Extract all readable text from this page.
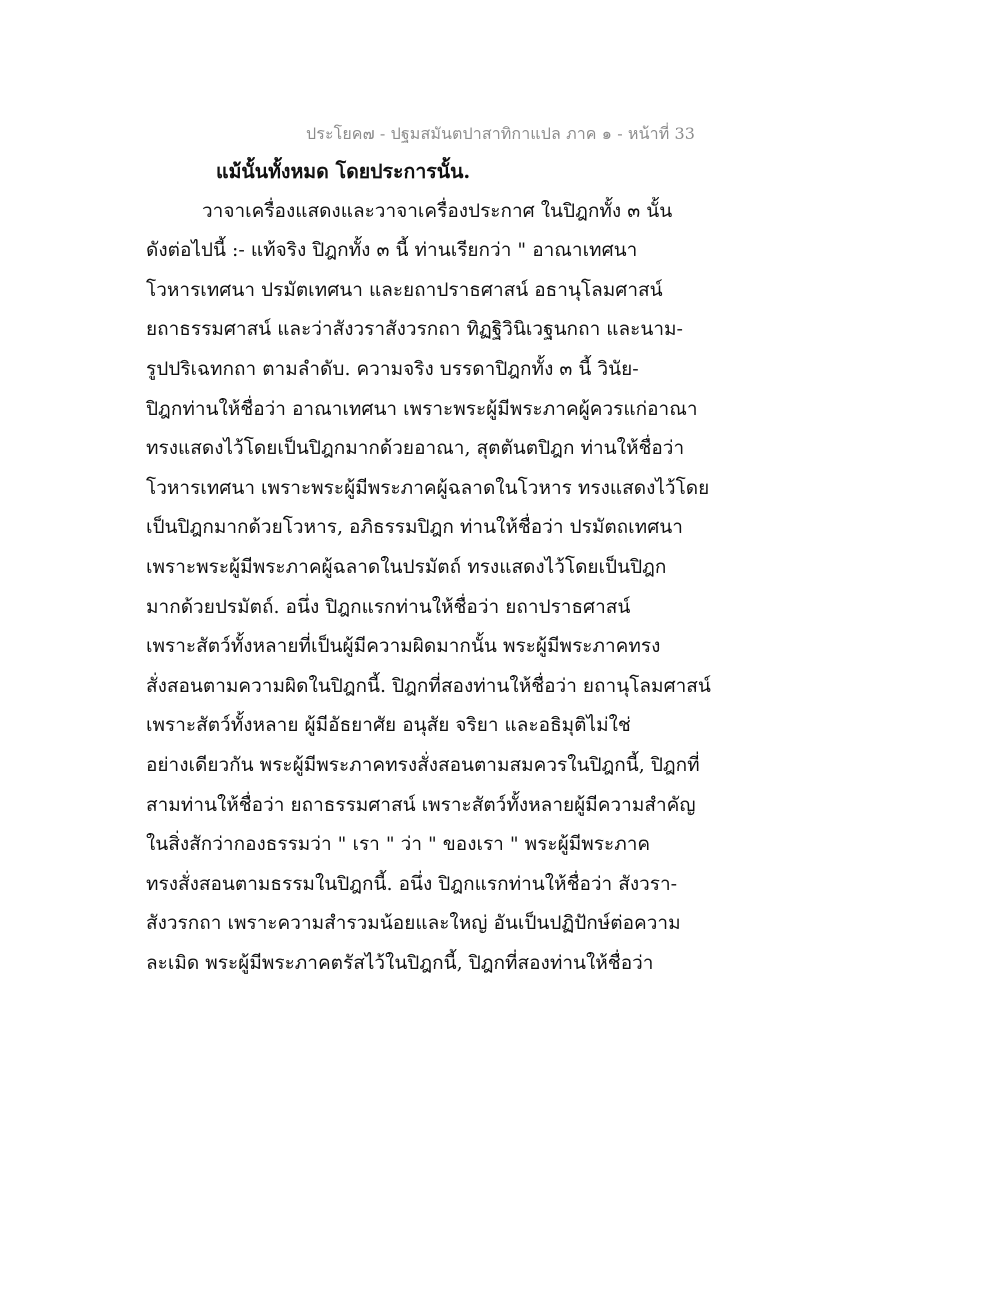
ประโยค๗ - ปฐมสมันตปาสาทิกาแปล ภาค ๑ - หน้าที่ 33
แม้นั้นทั้งหมด โดยประการนั้น.
วาจาเครื่องแสดงและวาจาเครื่องประกาศ ในปิฎกทั้ง ๓ นั้น
ดังต่อไปนี้ :- แท้จริง ปิฎกทั้ง ๓ นี้ ท่านเรียกว่า " อาณาเทศนา
โวหารเทศนา ปรมัตเทศนา และยถาปราธศาสน์ อธานุโลมศาสน์
ยถาธรรมศาสน์ และว่าสังวราสังวรกถา ทิฏฐิวินิเวฐนกถา และนาม-
รูปปริเฉทกถา ตามลำดับ. ความจริง บรรดาปิฎกทั้ง ๓ นี้ วินัย-
ปิฎกท่านให้ชื่อว่า อาณาเทศนา เพราะพระผู้มีพระภาคผู้ควรแก่อาณา
ทรงแสดงไว้โดยเป็นปิฎกมากด้วยอาณา, สุตตันตปิฎก ท่านให้ชื่อว่า
โวหารเทศนา เพราะพระผู้มีพระภาคผู้ฉลาดในโวหาร ทรงแสดงไว้โดย
เป็นปิฎกมากด้วยโวหาร, อภิธรรมปิฎก ท่านให้ชื่อว่า ปรมัตถเทศนา
เพราะพระผู้มีพระภาคผู้ฉลาดในปรมัตถ์ ทรงแสดงไว้โดยเป็นปิฎก
มากด้วยปรมัตถ์. อนึ่ง ปิฎกแรกท่านให้ชื่อว่า ยถาปราธศาสน์
เพราะสัตว์ทั้งหลายที่เป็นผู้มีความผิดมากนั้น พระผู้มีพระภาคทรง
สั่งสอนตามความผิดในปิฎกนี้. ปิฎกที่สองท่านให้ชื่อว่า ยถานุโลมศาสน์
เพราะสัตว์ทั้งหลาย ผู้มีอัธยาศัย อนุสัย จริยา และอธิมุติไม่ใช่
อย่างเดียวกัน พระผู้มีพระภาคทรงสั่งสอนตามสมควรในปิฎกนี้, ปิฎกที่
สามท่านให้ชื่อว่า ยถาธรรมศาสน์ เพราะสัตว์ทั้งหลายผู้มีความสำคัญ
ในสิ่งสักว่ากองธรรมว่า " เรา " ว่า " ของเรา " พระผู้มีพระภาค
ทรงสั่งสอนตามธรรมในปิฎกนี้. อนึ่ง ปิฎกแรกท่านให้ชื่อว่า สังวรา-
สังวรกถา เพราะความสำรวมน้อยและใหญ่ อันเป็นปฏิปักษ์ต่อความ
ละเมิด พระผู้มีพระภาคตรัสไว้ในปิฎกนี้, ปิฎกที่สองท่านให้ชื่อว่า
